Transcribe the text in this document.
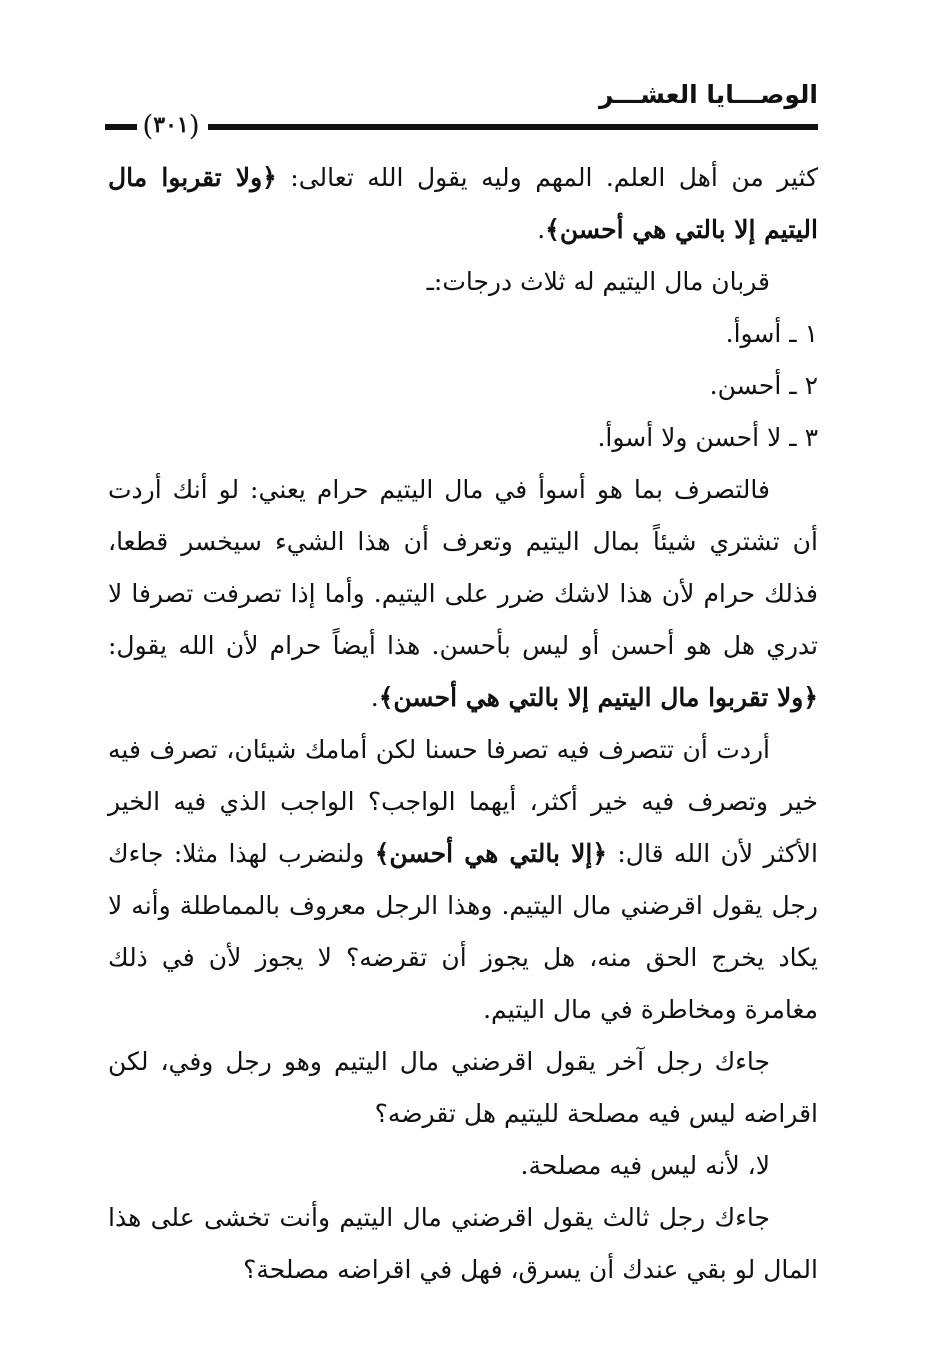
الوصـــايا العشـــر
( ٣٠١ )

كثير من أهل العلم. المهم وليه يقول الله تعالى: ﴿ولا تقربوا مال اليتيم إلا بالتي هي أحسن﴾.

قربان مال اليتيم له ثلاث درجات:ـ

١ ـ أسوأ.

٢ ـ أحسن.

٣ ـ لا أحسن ولا أسوأ.

فالتصرف بما هو أسوأ في مال اليتيم حرام يعني: لو أنك أردت أن تشتري شيئاً بمال اليتيم وتعرف أن هذا الشيء سيخسر قطعا، فذلك حرام لأن هذا لاشك ضرر على اليتيم. وأما إذا تصرفت تصرفا لا تدري هل هو أحسن أو ليس بأحسن. هذا أيضاً حرام لأن الله يقول: ﴿ولا تقربوا مال اليتيم إلا بالتي هي أحسن﴾.

أردت أن تتصرف فيه تصرفا حسنا لكن أمامك شيئان، تصرف فيه خير وتصرف فيه خير أكثر، أيهما الواجب؟ الواجب الذي فيه الخير الأكثر لأن الله قال: ﴿إلا بالتي هي أحسن﴾ ولنضرب لهذا مثلا: جاءك رجل يقول اقرضني مال اليتيم. وهذا الرجل معروف بالمماطلة وأنه لا يكاد يخرج الحق منه، هل يجوز أن تقرضه؟ لا يجوز لأن في ذلك مغامرة ومخاطرة في مال اليتيم.

جاءك رجل آخر يقول اقرضني مال اليتيم وهو رجل وفي، لكن اقراضه ليس فيه مصلحة لليتيم هل تقرضه؟

لا، لأنه ليس فيه مصلحة.

جاءك رجل ثالث يقول اقرضني مال اليتيم وأنت تخشى على هذا المال لو بقي عندك أن يسرق، فهل في اقراضه مصلحة؟
